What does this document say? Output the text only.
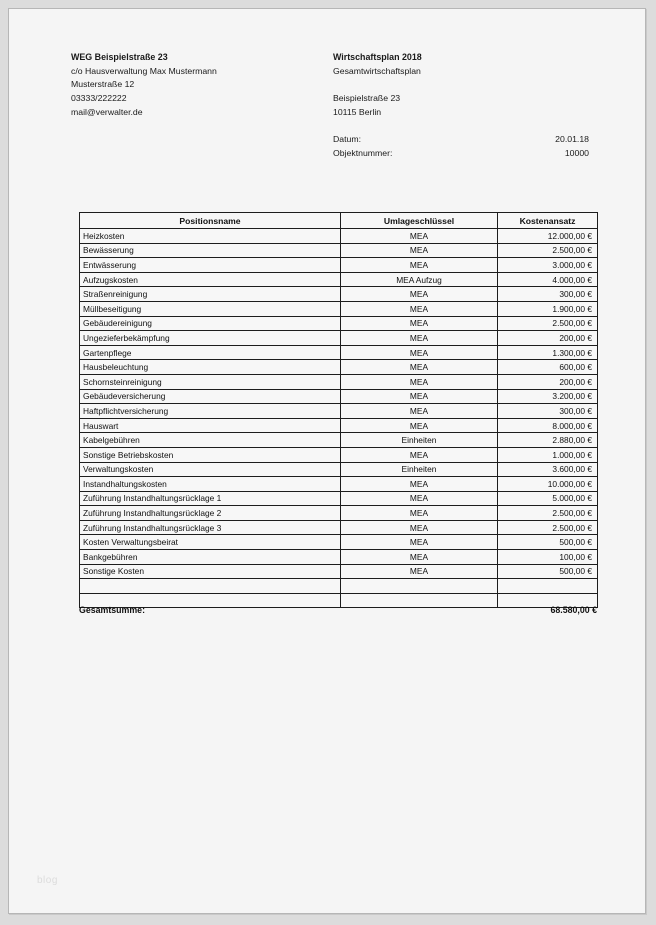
WEG Beispielstraße 23
c/o Hausverwaltung Max Mustermann
Musterstraße 12
03333/222222
mail@verwalter.de
Wirtschaftsplan 2018
Gesamtwirtschaftsplan
Beispielstraße 23
10115 Berlin
Datum:	20.01.18
Objektnummer:	10000
Positionsname	Umlageschlüssel	Kostenansatz
Heizkosten	MEA	12.000,00 €
Bewässerung	MEA	2.500,00 €
Entwässerung	MEA	3.000,00 €
Aufzugskosten	MEA Aufzug	4.000,00 €
Straßenreinigung	MEA	300,00 €
Müllbeseitigung	MEA	1.900,00 €
Gebäudereinigung	MEA	2.500,00 €
Ungezieferbekämpfung	MEA	200,00 €
Gartenpflege	MEA	1.300,00 €
Hausbeleuchtung	MEA	600,00 €
Schornsteinreinigung	MEA	200,00 €
Gebäudeversicherung	MEA	3.200,00 €
Haftpflichtversicherung	MEA	300,00 €
Hauswart	MEA	8.000,00 €
Kabelgebühren	Einheiten	2.880,00 €
Sonstige Betriebskosten	MEA	1.000,00 €
Verwaltungskosten	Einheiten	3.600,00 €
Instandhaltungskosten	MEA	10.000,00 €
Zuführung Instandhaltungsrücklage 1	MEA	5.000,00 €
Zuführung Instandhaltungsrücklage 2	MEA	2.500,00 €
Zuführung Instandhaltungsrücklage 3	MEA	2.500,00 €
Kosten Verwaltungsbeirat	MEA	500,00 €
Bankgebühren	MEA	100,00 €
Sonstige Kosten	MEA	500,00 €

Gesamtsumme:	68.580,00 €
blog
